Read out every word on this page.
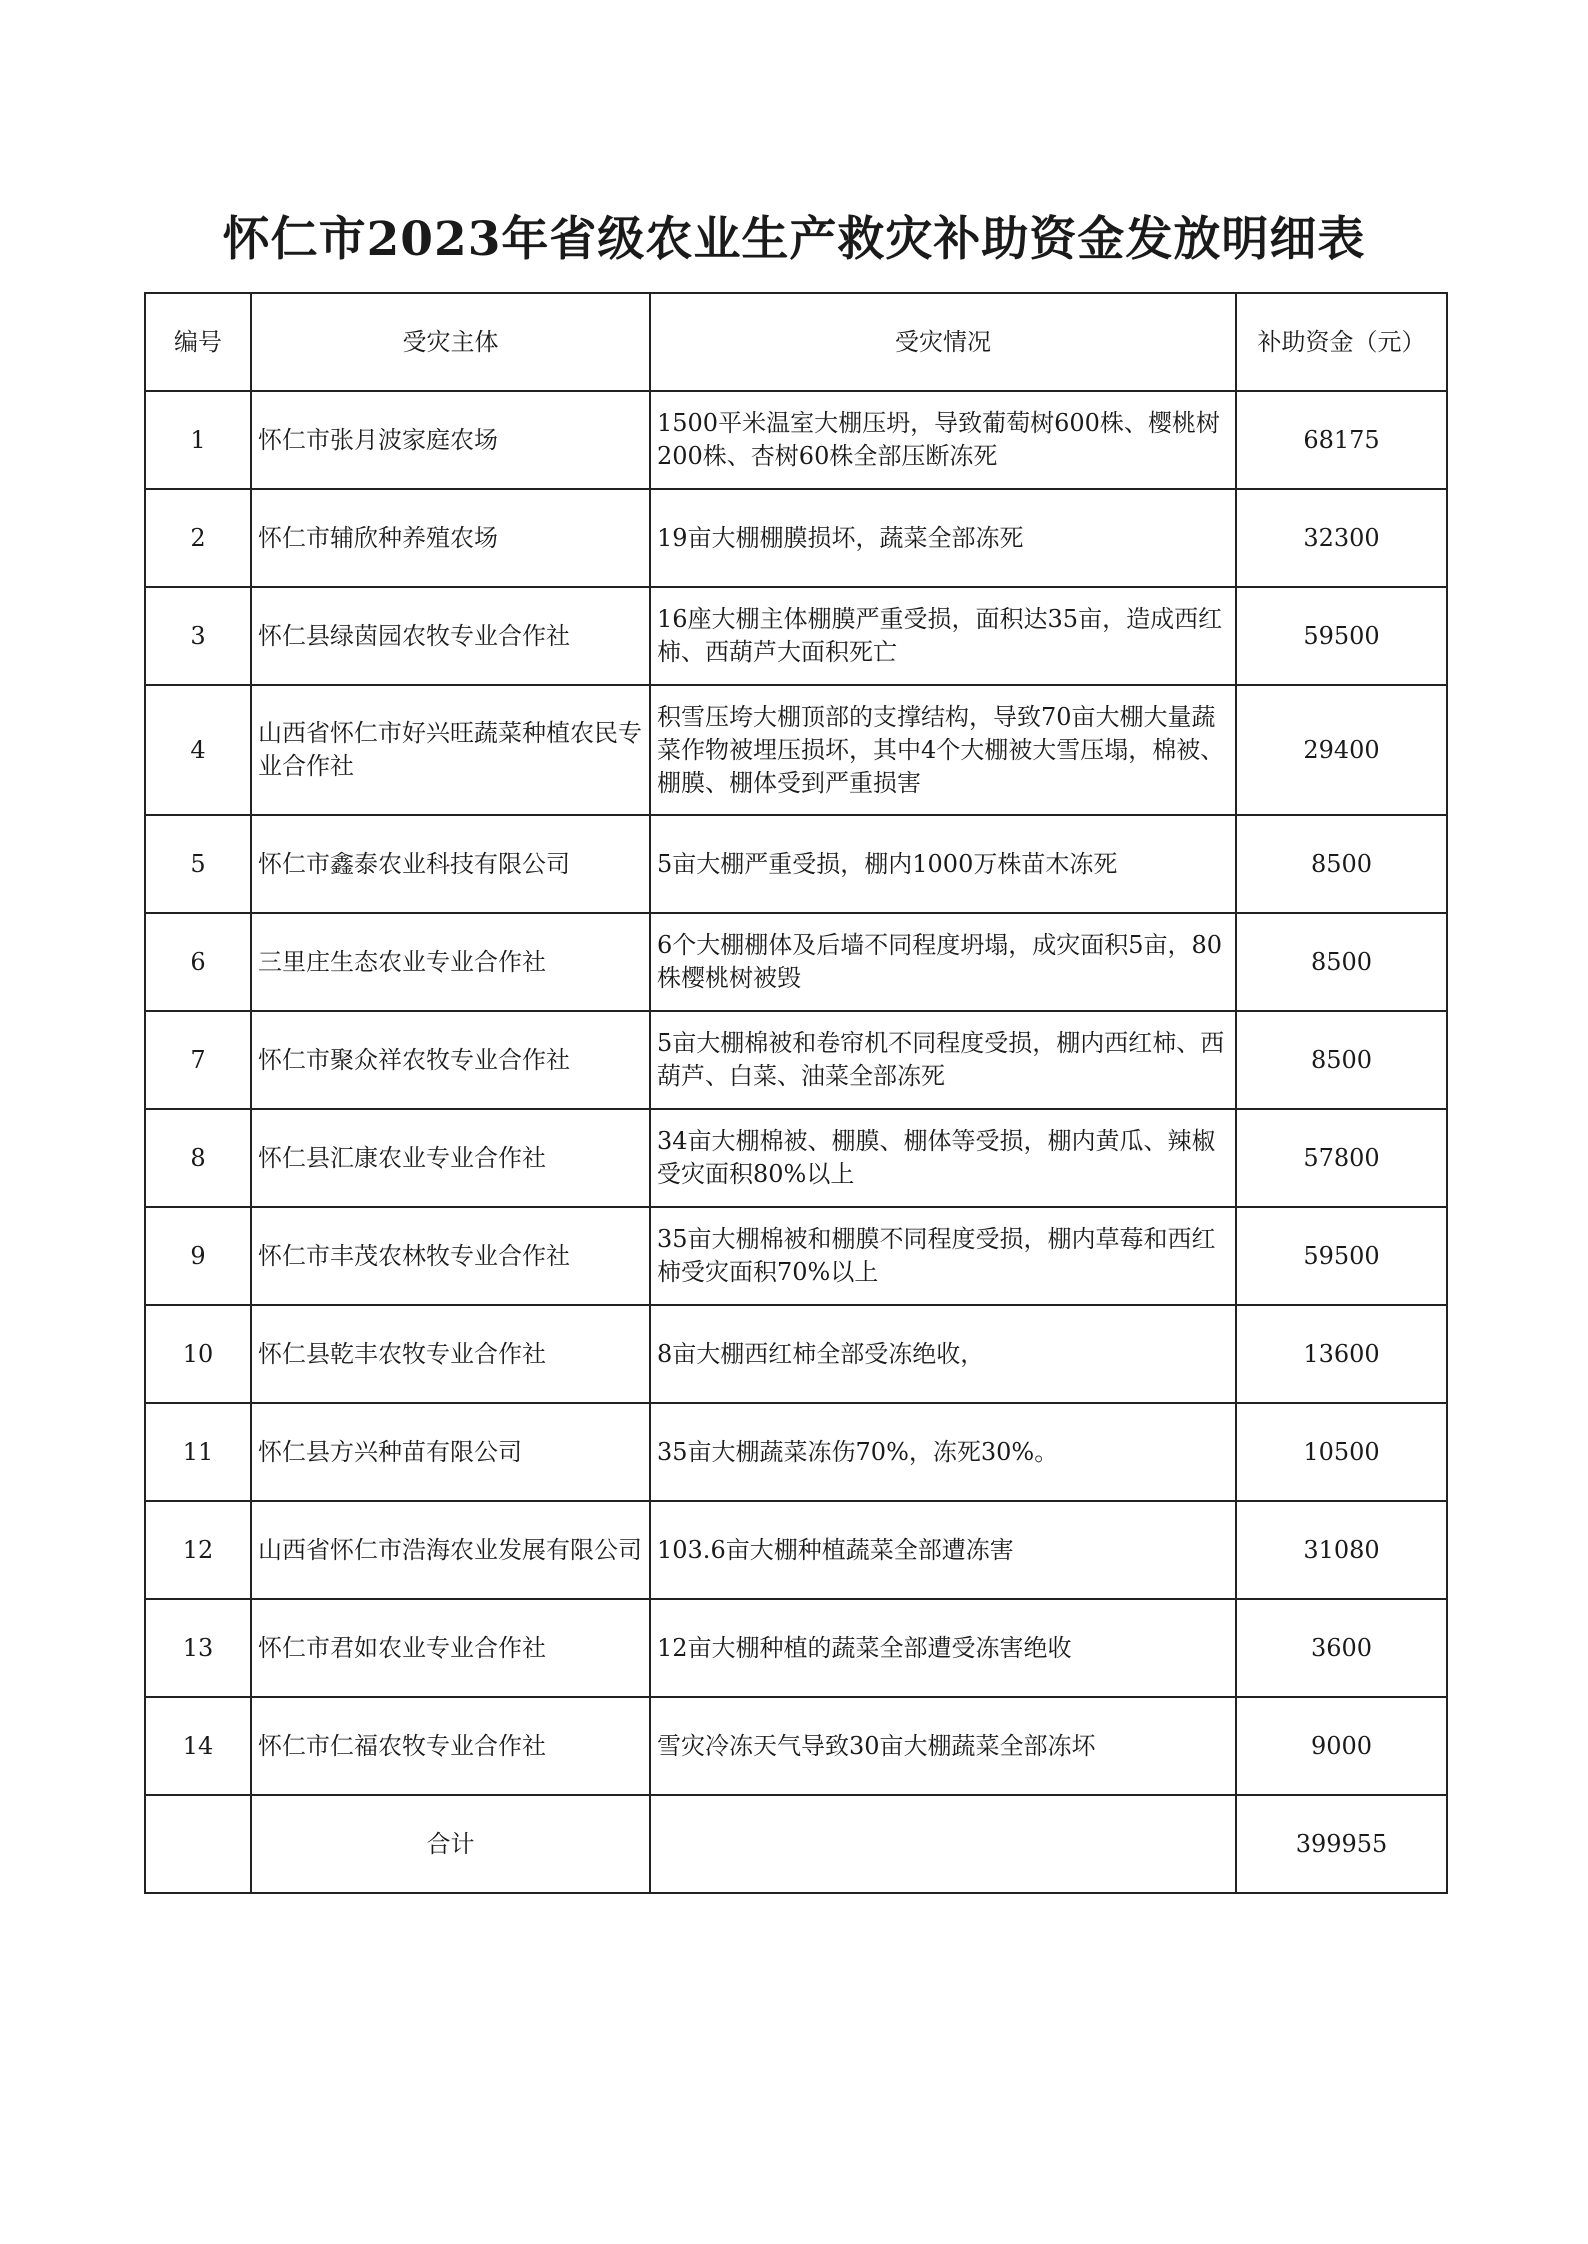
怀仁市2023年省级农业生产救灾补助资金发放明细表
编号	受灾主体	受灾情况	补助资金（元）
1	怀仁市张月波家庭农场	1500平米温室大棚压坍，导致葡萄树600株、樱桃树200株、杏树60株全部压断冻死	68175
2	怀仁市辅欣种养殖农场	19亩大棚棚膜损坏，蔬菜全部冻死	32300
3	怀仁县绿茵园农牧专业合作社	16座大棚主体棚膜严重受损，面积达35亩，造成西红柿、西葫芦大面积死亡	59500
4	山西省怀仁市好兴旺蔬菜种植农民专业合作社	积雪压垮大棚顶部的支撑结构，导致70亩大棚大量蔬菜作物被埋压损坏，其中4个大棚被大雪压塌，棉被、棚膜、棚体受到严重损害	29400
5	怀仁市鑫泰农业科技有限公司	5亩大棚严重受损，棚内1000万株苗木冻死	8500
6	三里庄生态农业专业合作社	6个大棚棚体及后墙不同程度坍塌，成灾面积5亩，80株樱桃树被毁	8500
7	怀仁市聚众祥农牧专业合作社	5亩大棚棉被和卷帘机不同程度受损，棚内西红柿、西葫芦、白菜、油菜全部冻死	8500
8	怀仁县汇康农业专业合作社	34亩大棚棉被、棚膜、棚体等受损，棚内黄瓜、辣椒受灾面积80%以上	57800
9	怀仁市丰茂农林牧专业合作社	35亩大棚棉被和棚膜不同程度受损，棚内草莓和西红柿受灾面积70%以上	59500
10	怀仁县乾丰农牧专业合作社	8亩大棚西红柿全部受冻绝收，	13600
11	怀仁县方兴种苗有限公司	35亩大棚蔬菜冻伤70%，冻死30%。	10500
12	山西省怀仁市浩海农业发展有限公司	103.6亩大棚种植蔬菜全部遭冻害	31080
13	怀仁市君如农业专业合作社	12亩大棚种植的蔬菜全部遭受冻害绝收	3600
14	怀仁市仁福农牧专业合作社	雪灾冷冻天气导致30亩大棚蔬菜全部冻坏	9000
	合计		399955
